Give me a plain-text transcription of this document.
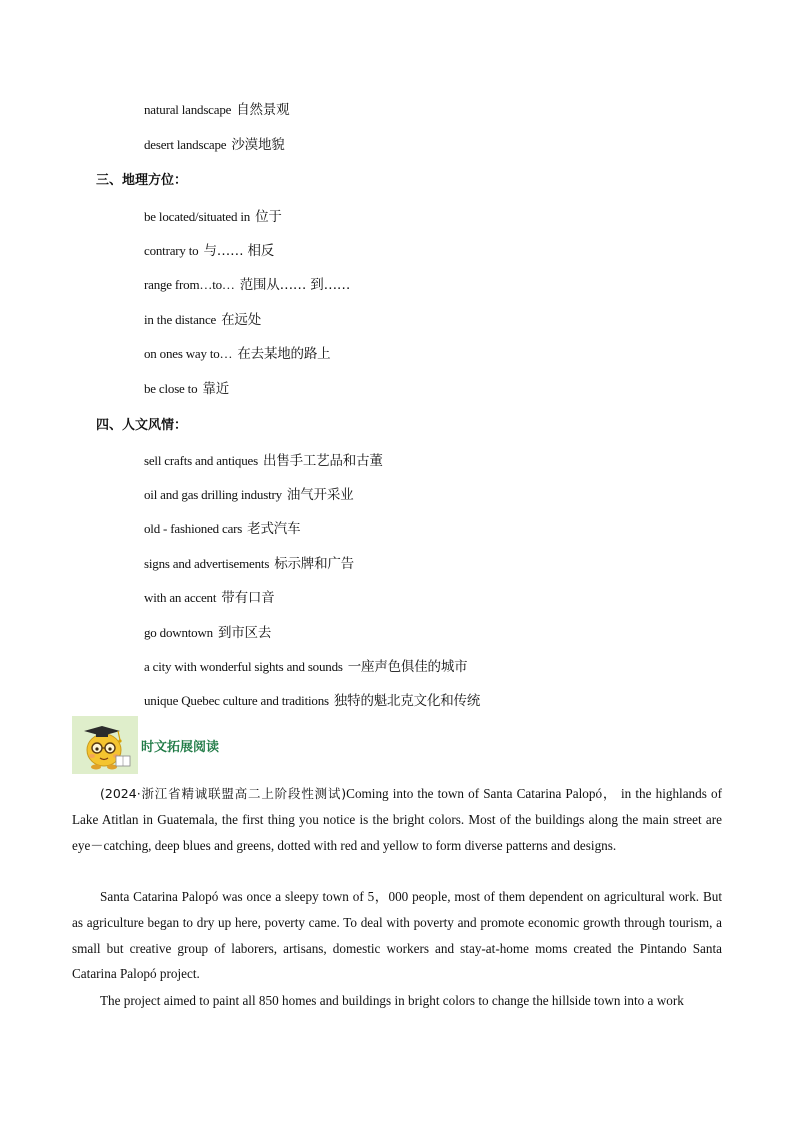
natural landscape 自然景观
desert landscape 沙漠地貌
三、地理方位：
be located/situated in 位于
contrary to 与…… 相反
range from…to… 范围从…… 到……
in the distance 在远处
on ones way to… 在去某地的路上
be close to 靠近
四、人文风情：
sell crafts and antiques 出售手工艺品和古董
oil and gas drilling industry 油气开采业
old - fashioned cars 老式汽车
signs and advertisements 标示牌和广告
with an accent 带有口音
go downtown 到市区去
a city with wonderful sights and sounds 一座声色俱佳的城市
unique Quebec culture and traditions 独特的魁北克文化和传统
时文拓展阅读

(2024·浙江省精诚联盟高二上阶段性测试)Coming into the town of Santa Catarina Palopó， in the highlands of Lake Atitlan in Guatemala, the first thing you notice is the bright colors. Most of the buildings along the main street are eye－catching, deep blues and greens, dotted with red and yellow to form diverse patterns and designs.

Santa Catarina Palopó was once a sleepy town of 5，000 people, most of them dependent on agricultural work. But as agriculture began to dry up here, poverty came. To deal with poverty and promote economic growth through tourism, a small but creative group of laborers, artisans, domestic workers and stay-at-home moms created the Pintando Santa Catarina Palopó project.

The project aimed to paint all 850 homes and buildings in bright colors to change the hillside town into a work
